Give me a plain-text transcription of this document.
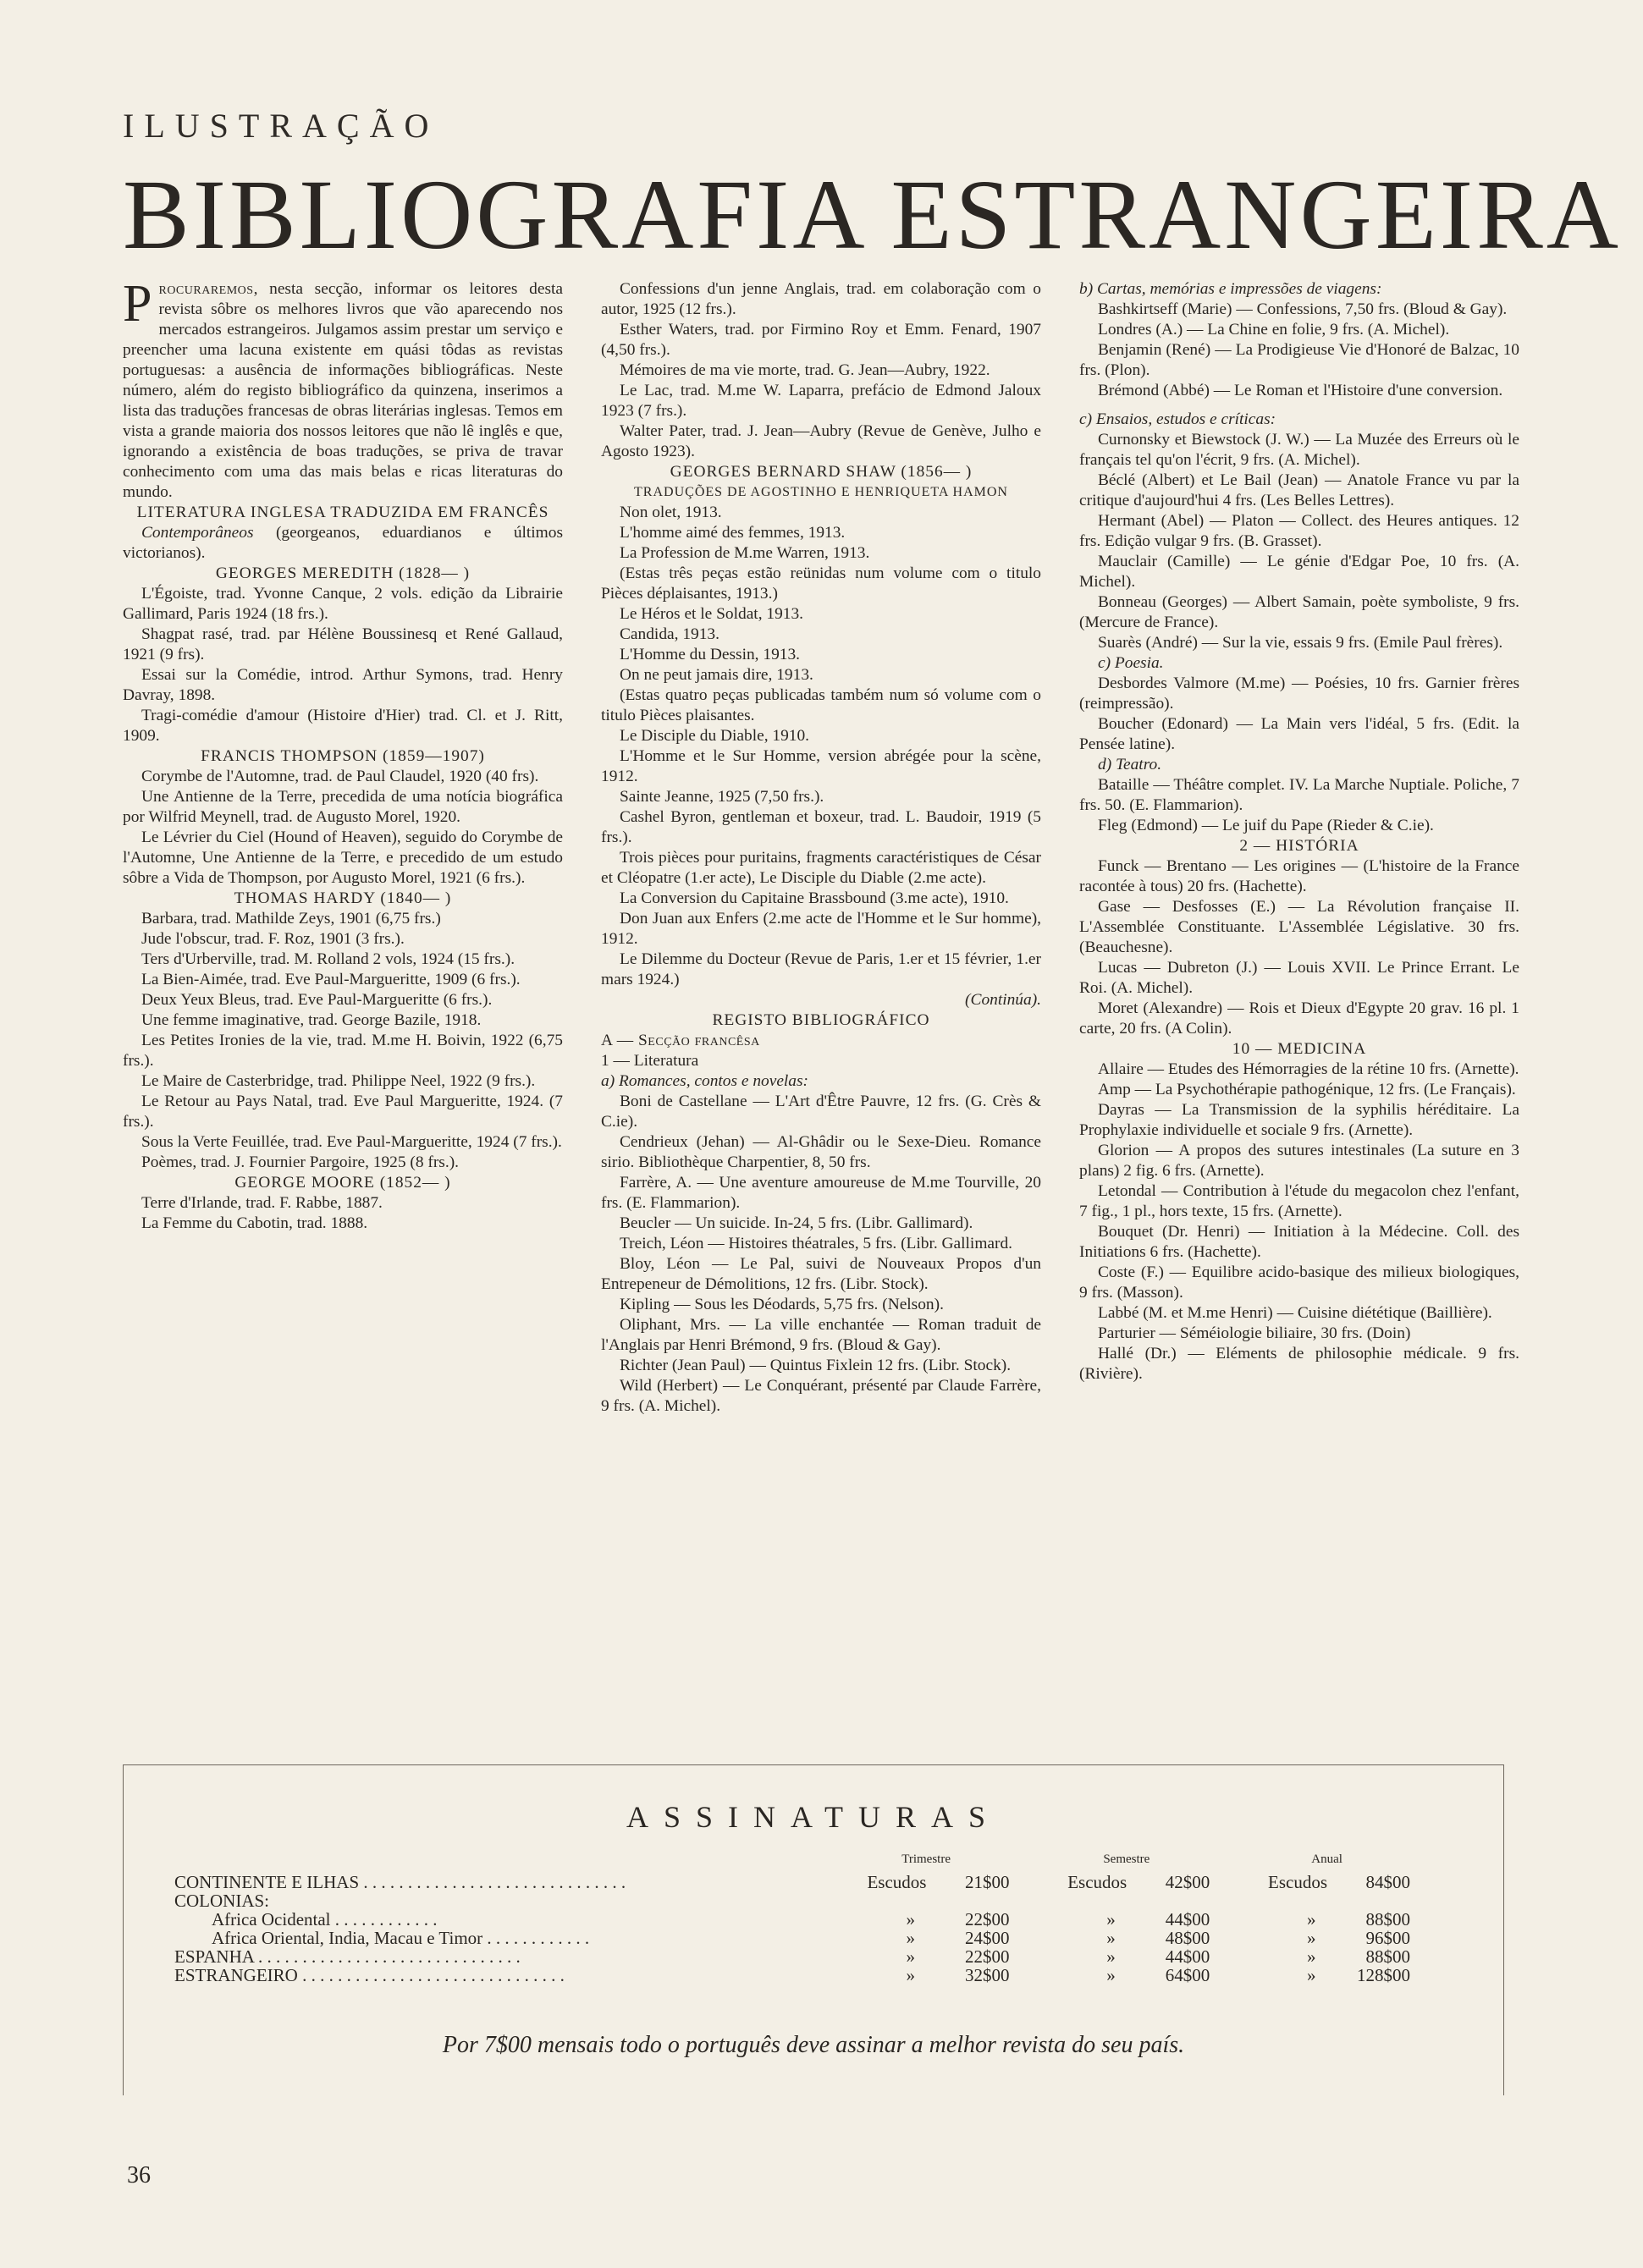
ILUSTRAÇÃO
BIBLIOGRAFIA ESTRANGEIRA

Procuraremos, nesta secção, informar os leitores desta revista sôbre os melhores livros que vão aparecendo nos mercados estrangeiros. Julgamos assim prestar um serviço e preencher uma lacuna existente em quási tôdas as revistas portuguesas: a ausência de informações bibliográficas. Neste número, além do registo bibliográfico da quinzena, inserimos a lista das traduções francesas de obras literárias inglesas. Temos em vista a grande maioria dos nossos leitores que não lê inglês e que, ignorando a existência de boas traduções, se priva de travar conhecimento com uma das mais belas e ricas literaturas do mundo.

LITERATURA INGLESA TRADUZIDA EM FRANCÊS

Contemporâneos (georgeanos, eduardianos e últimos victorianos).

GEORGES MEREDITH (1828— )

L'Égoiste, trad. Yvonne Canque, 2 vols. edição da Librairie Gallimard, Paris 1924 (18 frs.).

Shagpat rasé, trad. par Hélène Boussinesq et René Gallaud, 1921 (9 frs).

Essai sur la Comédie, introd. Arthur Symons, trad. Henry Davray, 1898.

Tragi-comédie d'amour (Histoire d'Hier) trad. Cl. et J. Ritt, 1909.

FRANCIS THOMPSON (1859—1907)

Corymbe de l'Automne, trad. de Paul Claudel, 1920 (40 frs).

Une Antienne de la Terre, precedida de uma notícia biográfica por Wilfrid Meynell, trad. de Augusto Morel, 1920.

Le Lévrier du Ciel (Hound of Heaven), seguido do Corymbe de l'Automne, Une Antienne de la Terre, e precedido de um estudo sôbre a Vida de Thompson, por Augusto Morel, 1921 (6 frs.).

THOMAS HARDY (1840— )

Barbara, trad. Mathilde Zeys, 1901 (6,75 frs.)

Jude l'obscur, trad. F. Roz, 1901 (3 frs.).

Ters d'Urberville, trad. M. Rolland 2 vols, 1924 (15 frs.).

La Bien-Aimée, trad. Eve Paul-Margueritte, 1909 (6 frs.).

Deux Yeux Bleus, trad. Eve Paul-Margueritte (6 frs.).

Une femme imaginative, trad. George Bazile, 1918.

Les Petites Ironies de la vie, trad. M.me H. Boivin, 1922 (6,75 frs.).

Le Maire de Casterbridge, trad. Philippe Neel, 1922 (9 frs.).

Le Retour au Pays Natal, trad. Eve Paul Margueritte, 1924. (7 frs.).

Sous la Verte Feuillée, trad. Eve Paul-Margueritte, 1924 (7 frs.).

Poèmes, trad. J. Fournier Pargoire, 1925 (8 frs.).

GEORGE MOORE (1852— )

Terre d'Irlande, trad. F. Rabbe, 1887.

La Femme du Cabotin, trad. 1888.

Confessions d'un jenne Anglais, trad. em colaboração com o autor, 1925 (12 frs.).

Esther Waters, trad. por Firmino Roy et Emm. Fenard, 1907 (4,50 frs.).

Mémoires de ma vie morte, trad. G. Jean—Aubry, 1922.

Le Lac, trad. M.me W. Laparra, prefácio de Edmond Jaloux 1923 (7 frs.).

Walter Pater, trad. J. Jean—Aubry (Revue de Genève, Julho e Agosto 1923).

GEORGES BERNARD SHAW (1856— )

TRADUÇÕES DE AGOSTINHO E HENRIQUETA HAMON

Non olet, 1913.

L'homme aimé des femmes, 1913.

La Profession de M.me Warren, 1913.

(Estas três peças estão reünidas num volume com o titulo Pièces déplaisantes, 1913.)

Le Héros et le Soldat, 1913.

Candida, 1913.

L'Homme du Dessin, 1913.

On ne peut jamais dire, 1913.

(Estas quatro peças publicadas também num só volume com o titulo Pièces plaisantes.

Le Disciple du Diable, 1910.

L'Homme et le Sur Homme, version abrégée pour la scène, 1912.

Sainte Jeanne, 1925 (7,50 frs.).

Cashel Byron, gentleman et boxeur, trad. L. Baudoir, 1919 (5 frs.).

Trois pièces pour puritains, fragments caractéristiques de César et Cléopatre (1.er acte), Le Disciple du Diable (2.me acte).

La Conversion du Capitaine Brassbound (3.me acte), 1910.

Don Juan aux Enfers (2.me acte de l'Homme et le Sur homme), 1912.

Le Dilemme du Docteur (Revue de Paris, 1.er et 15 février, 1.er mars 1924.)

(Continúa).

REGISTO BIBLIOGRÁFICO

A — Secção francêsa

1 — Literatura

a) Romances, contos e novelas:

Boni de Castellane — L'Art d'Être Pauvre, 12 frs. (G. Crès & C.ie).

Cendrieux (Jehan) — Al-Ghâdir ou le Sexe-Dieu. Romance sirio. Bibliothèque Charpentier, 8, 50 frs.

Farrère, A. — Une aventure amoureuse de M.me Tourville, 20 frs. (E. Flammarion).

Beucler — Un suicide. In-24, 5 frs. (Libr. Gallimard).

Treich, Léon — Histoires théatrales, 5 frs. (Libr. Gallimard.

Bloy, Léon — Le Pal, suivi de Nouveaux Propos d'un Entrepeneur de Démolitions, 12 frs. (Libr. Stock).

Kipling — Sous les Déodards, 5,75 frs. (Nelson).

Oliphant, Mrs. — La ville enchantée — Roman traduit de l'Anglais par Henri Brémond, 9 frs. (Bloud & Gay).

Richter (Jean Paul) — Quintus Fixlein 12 frs. (Libr. Stock).

Wild (Herbert) — Le Conquérant, présenté par Claude Farrère, 9 frs. (A. Michel).

b) Cartas, memórias e impressões de viagens:

Bashkirtseff (Marie) — Confessions, 7,50 frs. (Bloud & Gay).

Londres (A.) — La Chine en folie, 9 frs. (A. Michel).

Benjamin (René) — La Prodigieuse Vie d'Honoré de Balzac, 10 frs. (Plon).

Brémond (Abbé) — Le Roman et l'Histoire d'une conversion.

c) Ensaios, estudos e críticas:

Curnonsky et Biewstock (J. W.) — La Muzée des Erreurs où le français tel qu'on l'écrit, 9 frs. (A. Michel).

Béclé (Albert) et Le Bail (Jean) — Anatole France vu par la critique d'aujourd'hui 4 frs. (Les Belles Lettres).

Hermant (Abel) — Platon — Collect. des Heures antiques. 12 frs. Edição vulgar 9 frs. (B. Grasset).

Mauclair (Camille) — Le génie d'Edgar Poe, 10 frs. (A. Michel).

Bonneau (Georges) — Albert Samain, poète symboliste, 9 frs. (Mercure de France).

Suarès (André) — Sur la vie, essais 9 frs. (Emile Paul frères).

c) Poesia.

Desbordes Valmore (M.me) — Poésies, 10 frs. Garnier frères (reimpressão).

Boucher (Edonard) — La Main vers l'idéal, 5 frs. (Edit. la Pensée latine).

d) Teatro.

Bataille — Théâtre complet. IV. La Marche Nuptiale. Poliche, 7 frs. 50. (E. Flammarion).

Fleg (Edmond) — Le juif du Pape (Rieder & C.ie).

2 — HISTÓRIA

Funck — Brentano — Les origines — (L'histoire de la France racontée à tous) 20 frs. (Hachette).

Gase — Desfosses (E.) — La Révolution française II. L'Assemblée Constituante. L'Assemblée Législative. 30 frs. (Beauchesne).

Lucas — Dubreton (J.) — Louis XVII. Le Prince Errant. Le Roi. (A. Michel).

Moret (Alexandre) — Rois et Dieux d'Egypte 20 grav. 16 pl. 1 carte, 20 frs. (A Colin).

10 — MEDICINA

Allaire — Etudes des Hémorragies de la rétine 10 frs. (Arnette).

Amp — La Psychothérapie pathogénique, 12 frs. (Le Français).

Dayras — La Transmission de la syphilis héréditaire. La Prophylaxie individuelle et sociale 9 frs. (Arnette).

Glorion — A propos des sutures intestinales (La suture en 3 plans) 2 fig. 6 frs. (Arnette).

Letondal — Contribution à l'étude du megacolon chez l'enfant, 7 fig., 1 pl., hors texte, 15 frs. (Arnette).

Bouquet (Dr. Henri) — Initiation à la Médecine. Coll. des Initiations 6 frs. (Hachette).

Coste (F.) — Equilibre acido-basique des milieux biologiques, 9 frs. (Masson).

Labbé (M. et M.me Henri) — Cuisine diététique (Baillière).

Parturier — Séméiologie biliaire, 30 frs. (Doin)

Hallé (Dr.) — Eléments de philosophie médicale. 9 frs. (Rivière).

ASSINATURAS
	Trimestre	Semestre	Anual
CONTINENTE E ILHAS . . . . . . . . . . . . . . . . . . . . . . . . . . . . . .	Escudos 21$00	Escudos 42$00	Escudos 84$00
COLONIAS:			
Africa Ocidental . . . . . . . . . . . .	» 22$00	» 44$00	» 88$00
Africa Oriental, India, Macau e Timor . . . . . . . . . . . .	» 24$00	» 48$00	» 96$00
ESPANHA . . . . . . . . . . . . . . . . . . . . . . . . . . . . . .	» 22$00	» 44$00	» 88$00
ESTRANGEIRO . . . . . . . . . . . . . . . . . . . . . . . . . . . . . .	» 32$00	» 64$00	» 128$00
Por 7$00 mensais todo o português deve assinar a melhor revista do seu país.
36
